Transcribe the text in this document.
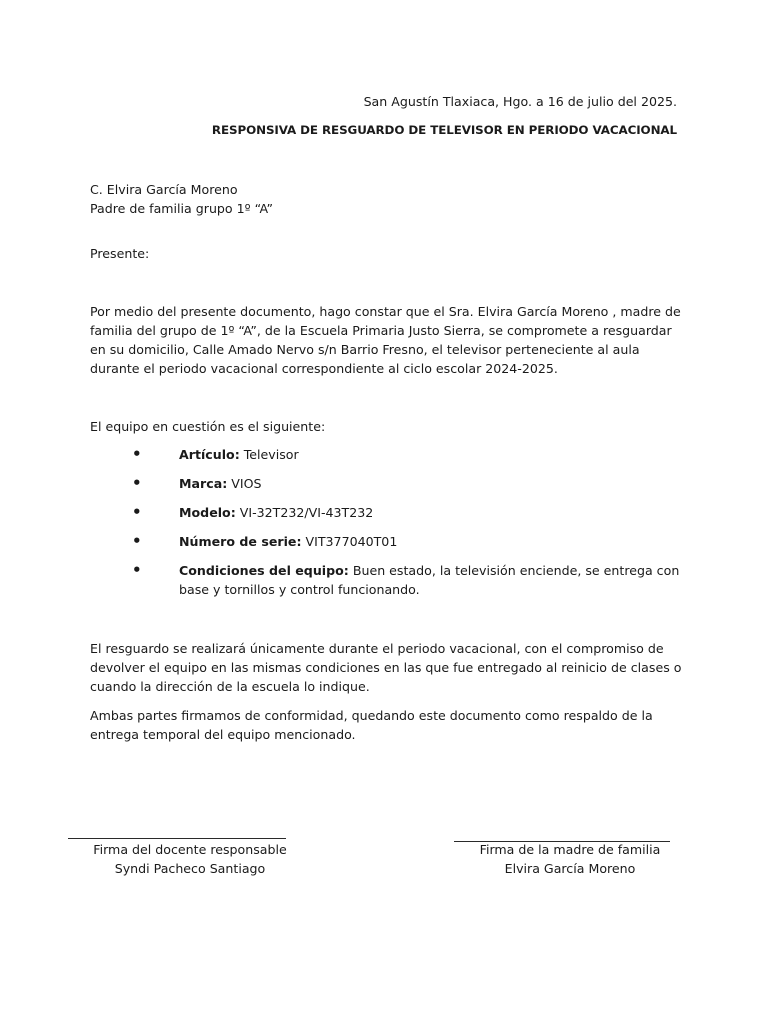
San Agustín Tlaxiaca, Hgo. a 16 de julio del 2025.
RESPONSIVA DE RESGUARDO DE TELEVISOR EN PERIODO VACACIONAL

C. Elvira García Moreno

Padre de familia grupo 1º “A”

Presente:

Por medio del presente documento, hago constar que el Sra. Elvira García Moreno , madre de familia del grupo de 1º “A”, de la Escuela Primaria Justo Sierra, se compromete a resguardar en su domicilio, Calle Amado Nervo s/n Barrio Fresno, el televisor perteneciente al aula durante el periodo vacacional correspondiente al ciclo escolar 2024-2025.

El equipo en cuestión es el siguiente:

•	Artículo: Televisor
•	Marca: VIOS
•	Modelo: VI-32T232/VI-43T232
•	Número de serie: VIT377040T01
•	Condiciones del equipo: Buen estado, la televisión enciende, se entrega con base y tornillos y control funcionando.

El resguardo se realizará únicamente durante el periodo vacacional, con el compromiso de devolver el equipo en las mismas condiciones en las que fue entregado al reinicio de clases o cuando la dirección de la escuela lo indique.

Ambas partes firmamos de conformidad, quedando este documento como respaldo de la entrega temporal del equipo mencionado.

Firma del docente responsable
Syndi Pacheco Santiago
Firma de la madre de familia
Elvira García Moreno
